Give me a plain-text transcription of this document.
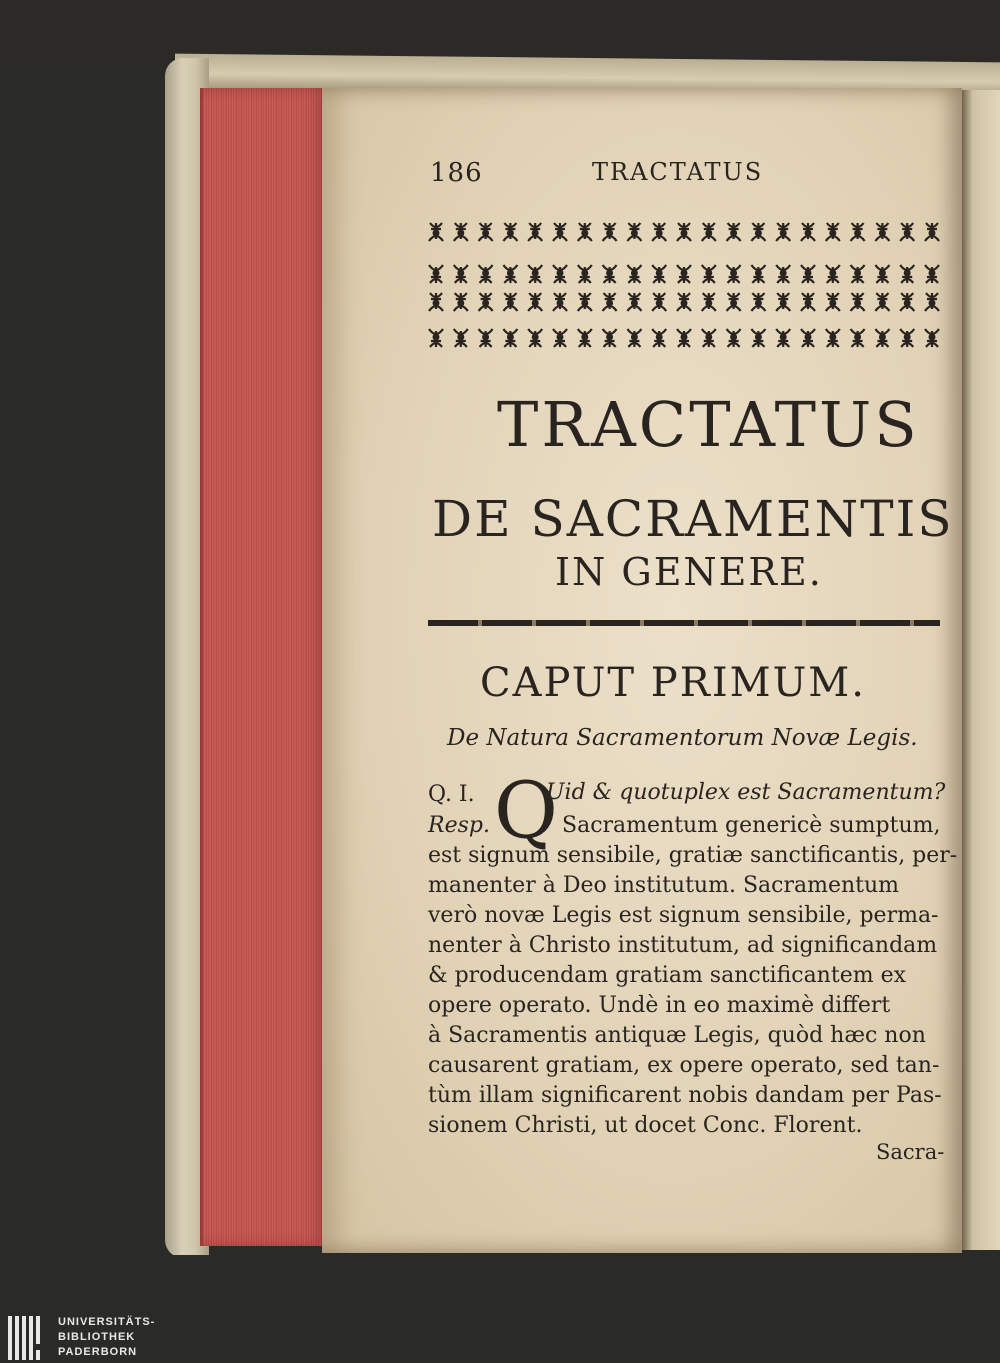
186	TRACTATUS
TRACTATUS
DE SACRAMENTIS
IN GENERE.
CAPUT PRIMUM.
De Natura Sacramentorum Novæ Legis.
Q. I. Q
Uid & quotuplex est Sacramentum?
Resp.	Sacramentum genericè sumptum,
est signum sensibile, gratiæ sanctificantis, per-
manenter à Deo institutum. Sacramentum
verò novæ Legis est signum sensibile, perma-
nenter à Christo institutum, ad significandam
& producendam gratiam sanctificantem ex
opere operato. Undè in eo maximè differt
à Sacramentis antiquæ Legis, quòd hæc non
causarent gratiam, ex opere operato, sed tan-
tùm illam significarent nobis dandam per Pas-
sionem Christi, ut docet Conc. Florent.
Sacra-
UNIVERSITÄTS-
BIBLIOTHEK
PADERBORN
